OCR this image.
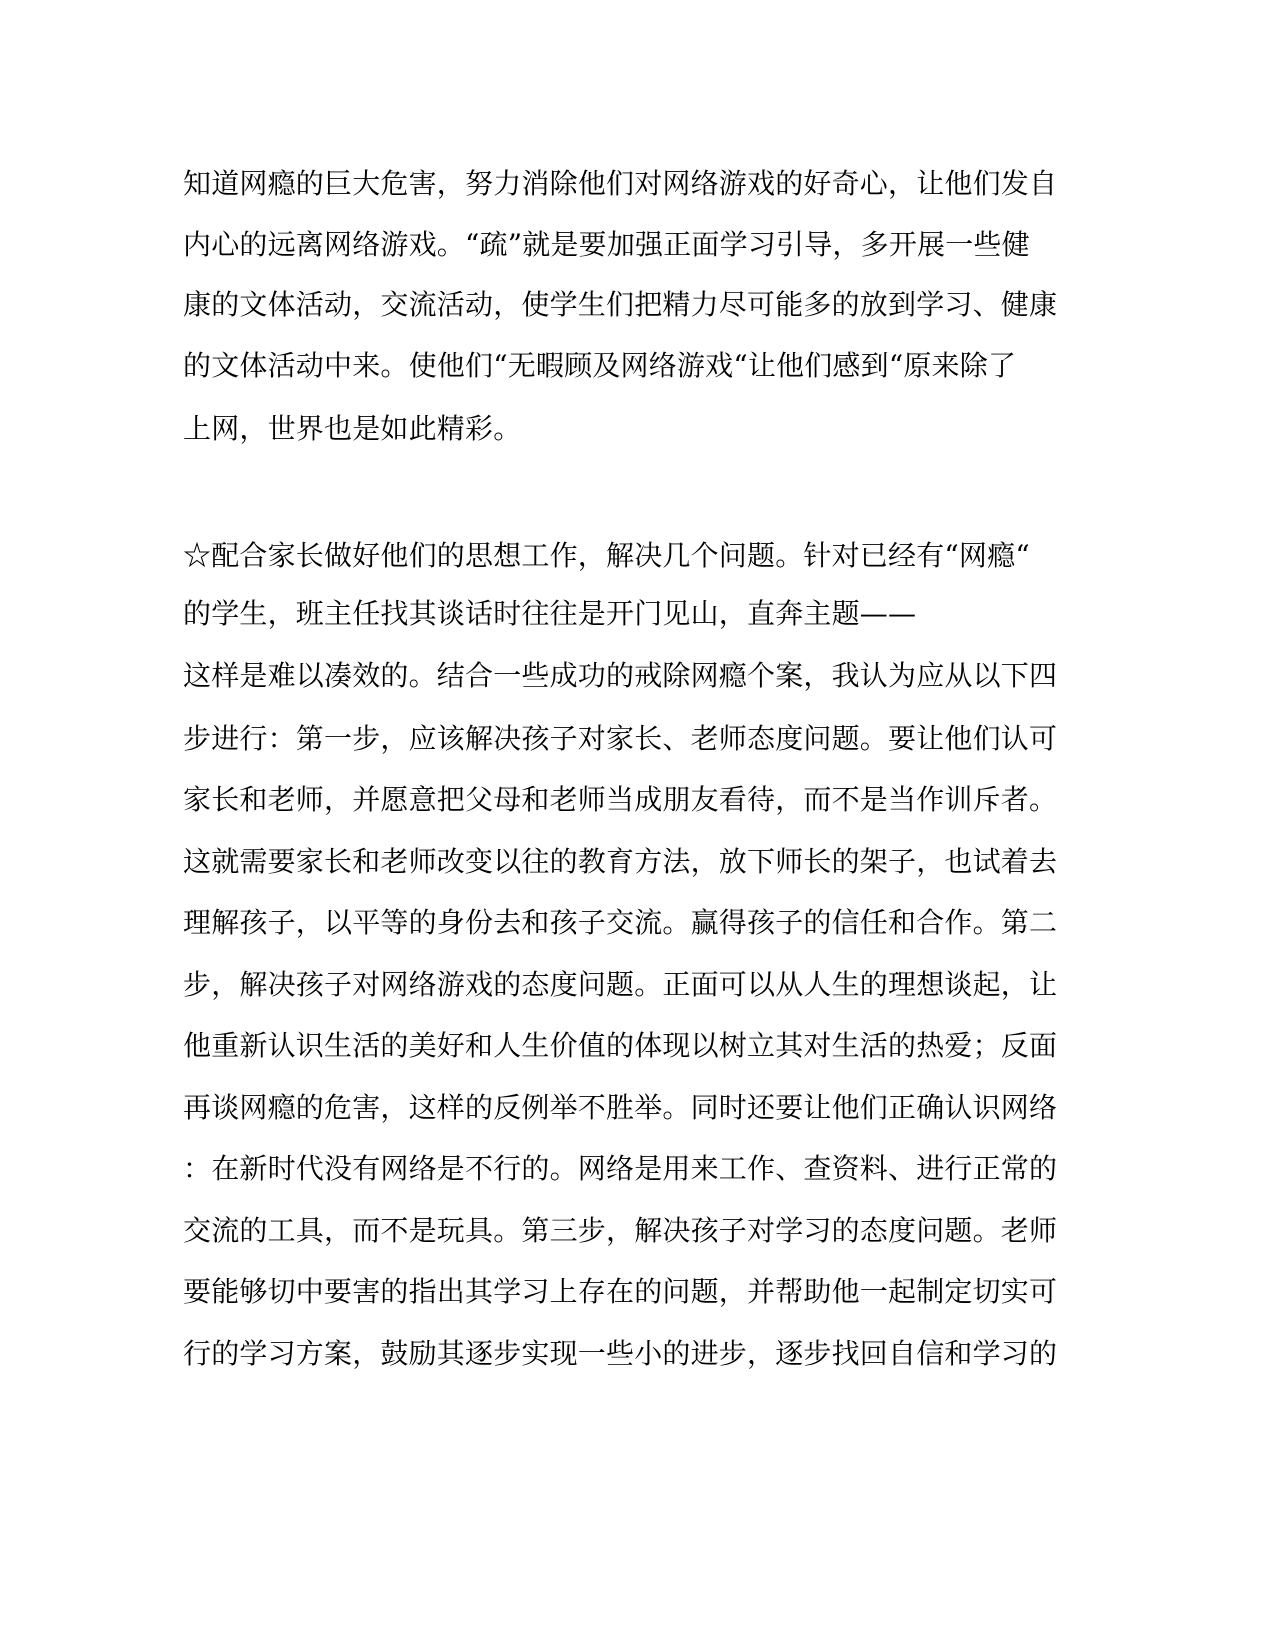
知道网瘾的巨大危害，努力消除他们对网络游戏的好奇心，让他们发自

内心的远离网络游戏。“疏”就是要加强正面学习引导，多开展一些健

康的文体活动，交流活动，使学生们把精力尽可能多的放到学习、健康

的文体活动中来。使他们“无暇顾及网络游戏“让他们感到“原来除了

上网，世界也是如此精彩。

☆配合家长做好他们的思想工作，解决几个问题。针对已经有“网瘾“

的学生，班主任找其谈话时往往是开门见山，直奔主题——

这样是难以凑效的。结合一些成功的戒除网瘾个案，我认为应从以下四

步进行：第一步，应该解决孩子对家长、老师态度问题。要让他们认可

家长和老师，并愿意把父母和老师当成朋友看待，而不是当作训斥者。

这就需要家长和老师改变以往的教育方法，放下师长的架子，也试着去

理解孩子，以平等的身份去和孩子交流。赢得孩子的信任和合作。第二

步，解决孩子对网络游戏的态度问题。正面可以从人生的理想谈起，让

他重新认识生活的美好和人生价值的体现以树立其对生活的热爱；反面

再谈网瘾的危害，这样的反例举不胜举。同时还要让他们正确认识网络

：在新时代没有网络是不行的。网络是用来工作、查资料、进行正常的

交流的工具，而不是玩具。第三步，解决孩子对学习的态度问题。老师

要能够切中要害的指出其学习上存在的问题，并帮助他一起制定切实可

行的学习方案，鼓励其逐步实现一些小的进步，逐步找回自信和学习的
